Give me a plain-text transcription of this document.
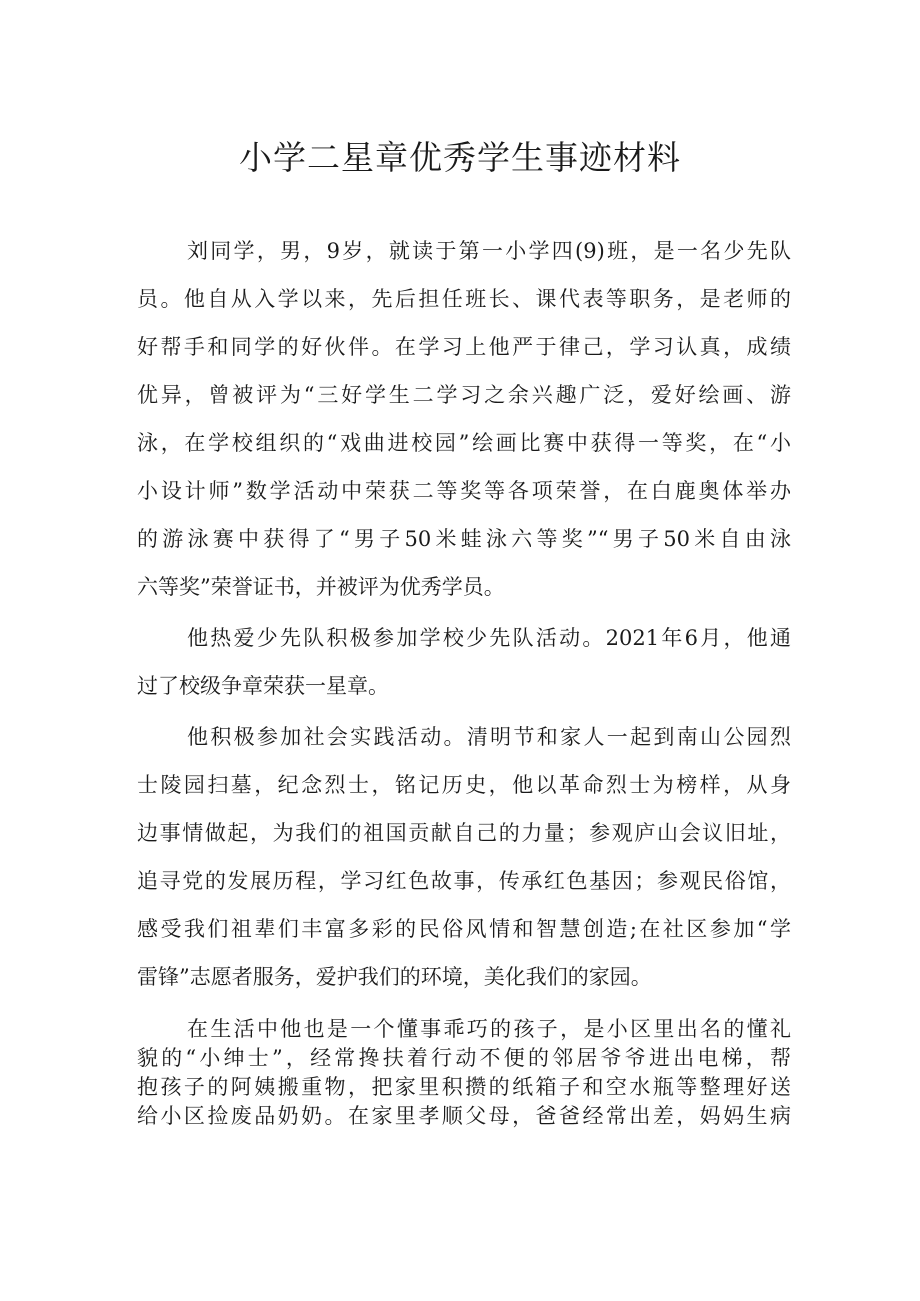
小学二星章优秀学生事迹材料

刘同学，男，9岁，就读于第一小学四(9)班，是一名少先队

员。他自从入学以来，先后担任班长、课代表等职务，是老师的

好帮手和同学的好伙伴。在学习上他严于律己，学习认真，成绩

优异，曾被评为“三好学生二学习之余兴趣广泛，爱好绘画、游

泳，在学校组织的“戏曲进校园”绘画比赛中获得一等奖，在“小

小设计师”数学活动中荣获二等奖等各项荣誉，在白鹿奥体举办

的游泳赛中获得了“男子50米蛙泳六等奖”“男子50米自由泳

六等奖”荣誉证书，并被评为优秀学员。

他热爱少先队积极参加学校少先队活动。2021年6月，他通

过了校级争章荣获一星章。

他积极参加社会实践活动。清明节和家人一起到南山公园烈

士陵园扫墓，纪念烈士，铭记历史，他以革命烈士为榜样，从身

边事情做起，为我们的祖国贡献自己的力量；参观庐山会议旧址，

追寻党的发展历程，学习红色故事，传承红色基因；参观民俗馆，

感受我们祖辈们丰富多彩的民俗风情和智慧创造;在社区参加“学

雷锋”志愿者服务，爱护我们的环境，美化我们的家园。

在生活中他也是一个懂事乖巧的孩子，是小区里出名的懂礼

貌的“小绅士”，经常搀扶着行动不便的邻居爷爷进出电梯，帮

抱孩子的阿姨搬重物，把家里积攒的纸箱子和空水瓶等整理好送

给小区捡废品奶奶。在家里孝顺父母，爸爸经常出差，妈妈生病
